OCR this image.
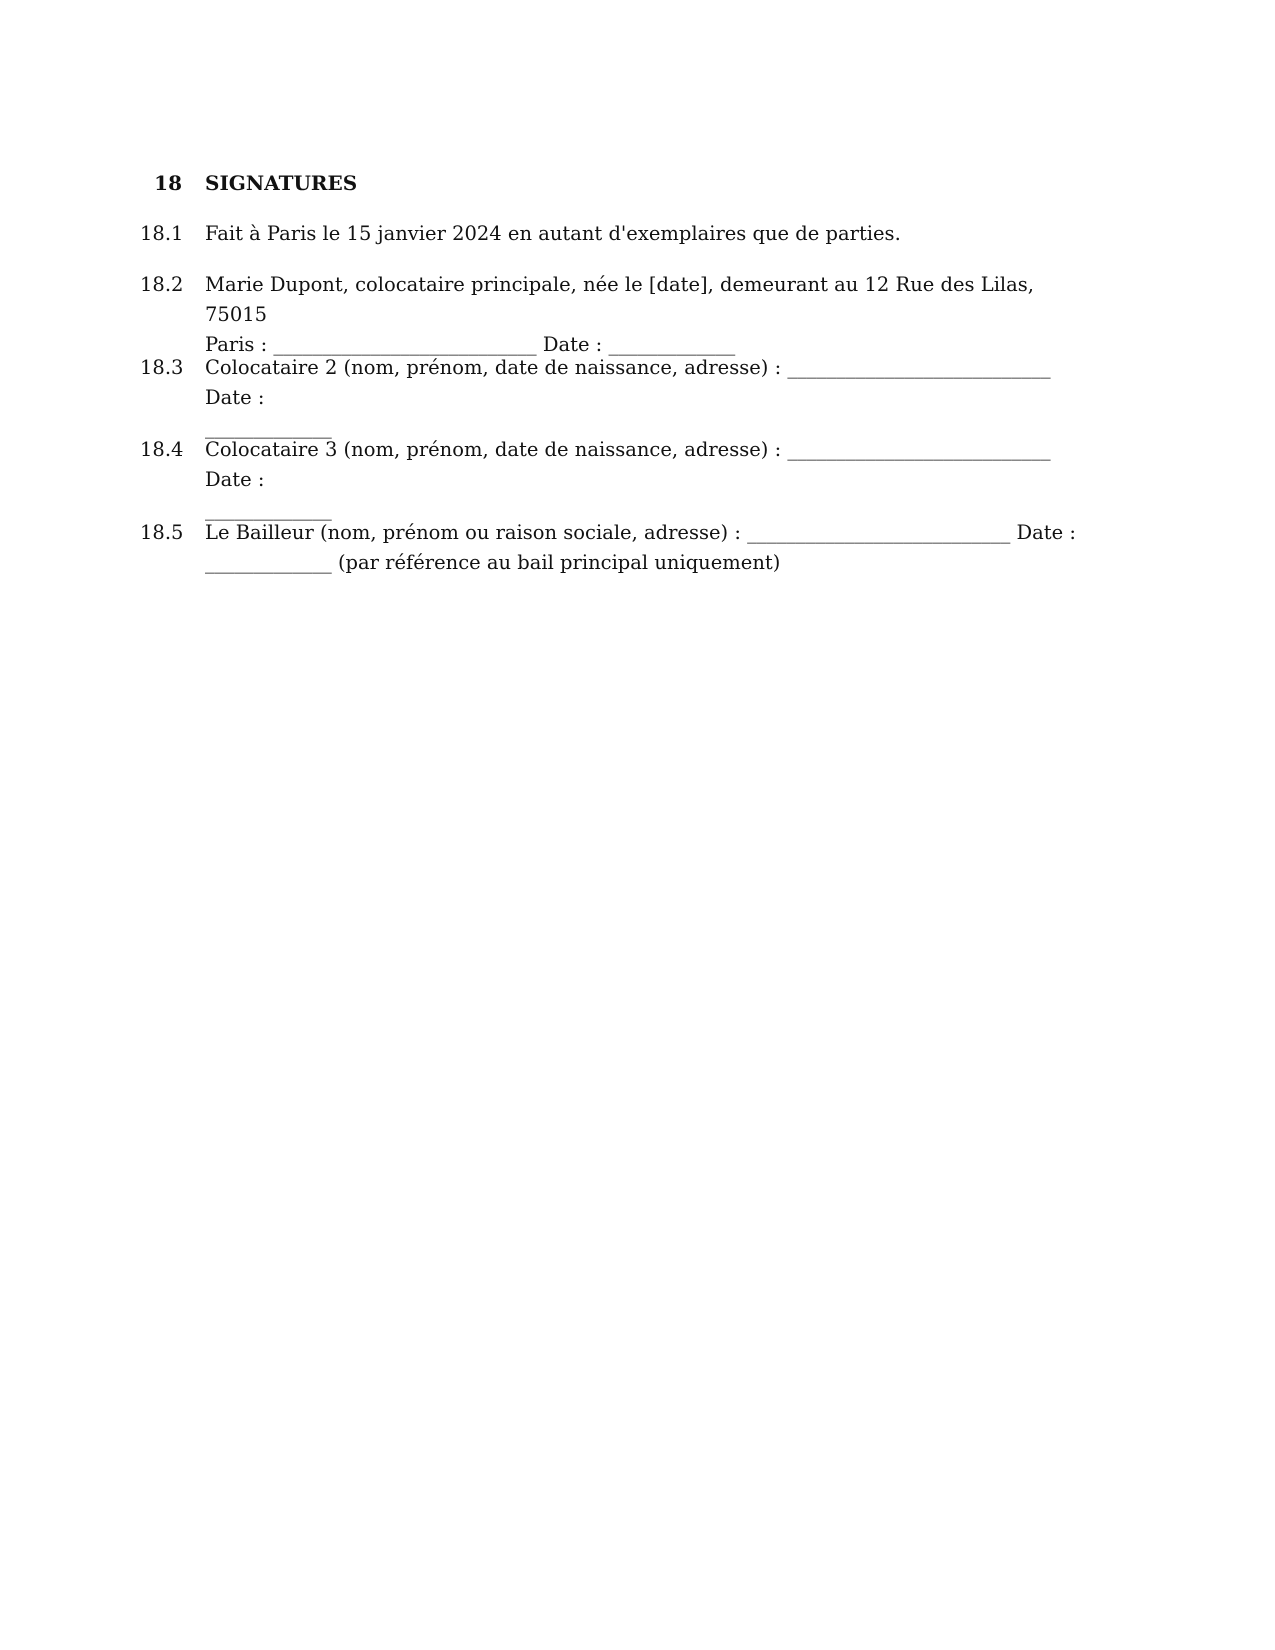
18 SIGNATURES
18.1	Fait à Paris le 15 janvier 2024 en autant d'exemplaires que de parties.
18.2	Marie Dupont, colocataire principale, née le [date], demeurant au 12 Rue des Lilas, 75015
Paris : ___________________________ Date : _____________
18.3	Colocataire 2 (nom, prénom, date de naissance, adresse) : ___________________________ Date :
_____________
18.4	Colocataire 3 (nom, prénom, date de naissance, adresse) : ___________________________ Date :
_____________
18.5	Le Bailleur (nom, prénom ou raison sociale, adresse) : ___________________________ Date :
_____________ (par référence au bail principal uniquement)
